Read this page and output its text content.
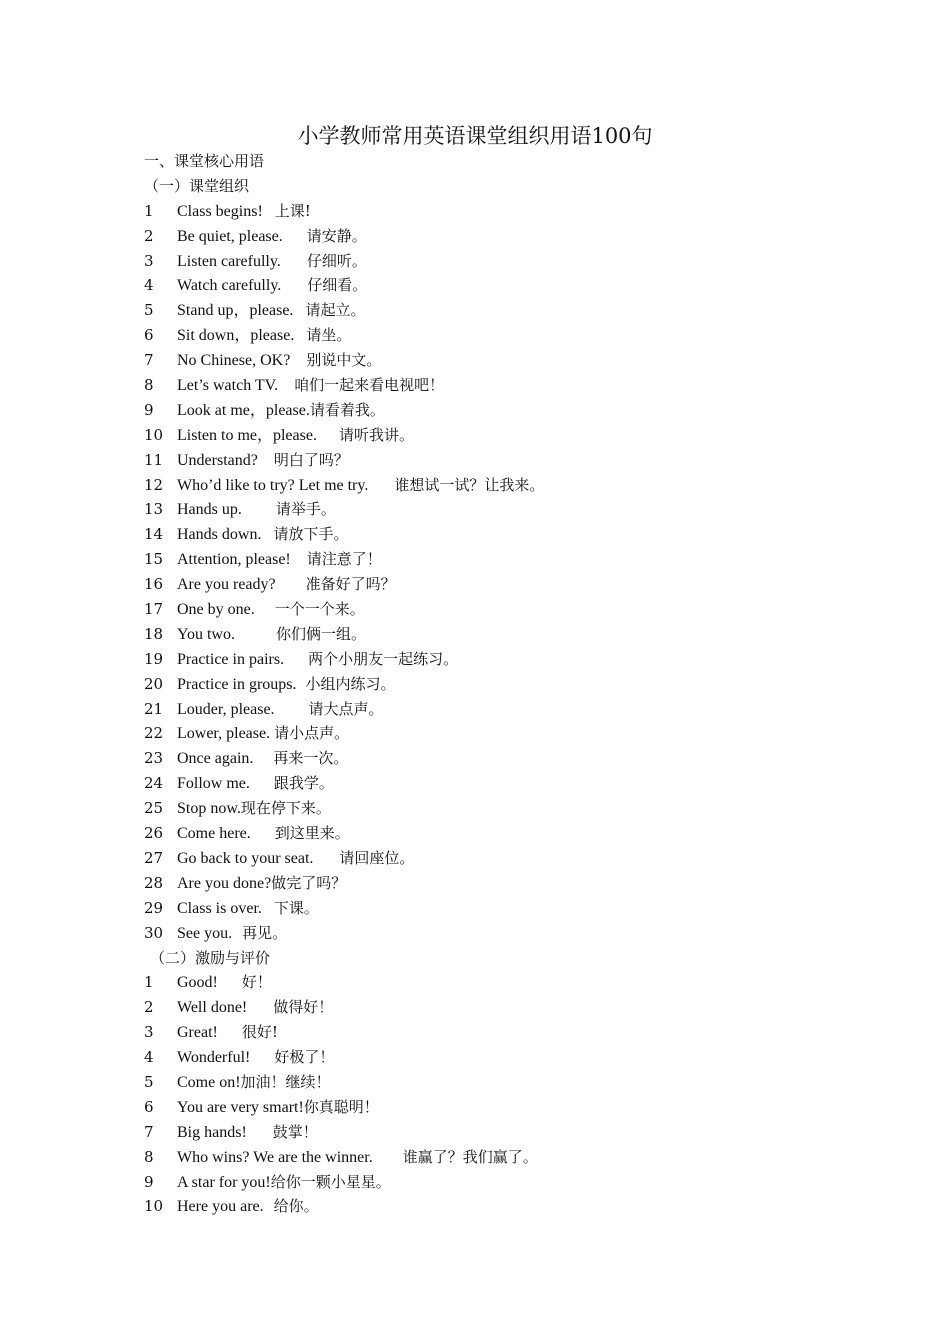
小学教师常用英语课堂组织用语100句
一、课堂核心用语
（一）课堂组织
1 Class begins! 上课!
2 Be quiet, please. 请安静。
3 Listen carefully. 仔细听。
4 Watch carefully. 仔细看。
5 Stand up，please. 请起立。
6 Sit down，please. 请坐。
7 No Chinese, OK? 别说中文。
8 Let’s watch TV. 咱们一起来看电视吧！
9 Look at me，please.请看着我。
10 Listen to me，please. 请听我讲。
11 Understand? 明白了吗？
12 Who’d like to try? Let me try. 谁想试一试？让我来。
13 Hands up. 请举手。
14 Hands down. 请放下手。
15 Attention, please! 请注意了！
16 Are you ready? 准备好了吗？
17 One by one. 一个一个来。
18 You two.	你们俩一组。
19 Practice in pairs. 两个小朋友一起练习。
20 Practice in groups. 小组内练习。
21 Louder, please. 请大点声。
22 Lower, please. 请小点声。
23 Once again. 再来一次。
24 Follow me. 跟我学。
25 Stop now.现在停下来。
26 Come here. 到这里来。
27 Go back to your seat. 请回座位。
28 Are you done?做完了吗？
29 Class is over. 下课。
30 See you. 再见。
（二）激励与评价
1 Good! 好！
2 Well done! 做得好！
3 Great! 很好!
4 Wonderful! 好极了！
5 Come on!加油！继续！
6 You are very smart!你真聪明！
7 Big hands! 鼓掌！
8 Who wins? We are the winner. 谁赢了？我们赢了。
9 A star for you!给你一颗小星星。
10 Here you are. 给你。
